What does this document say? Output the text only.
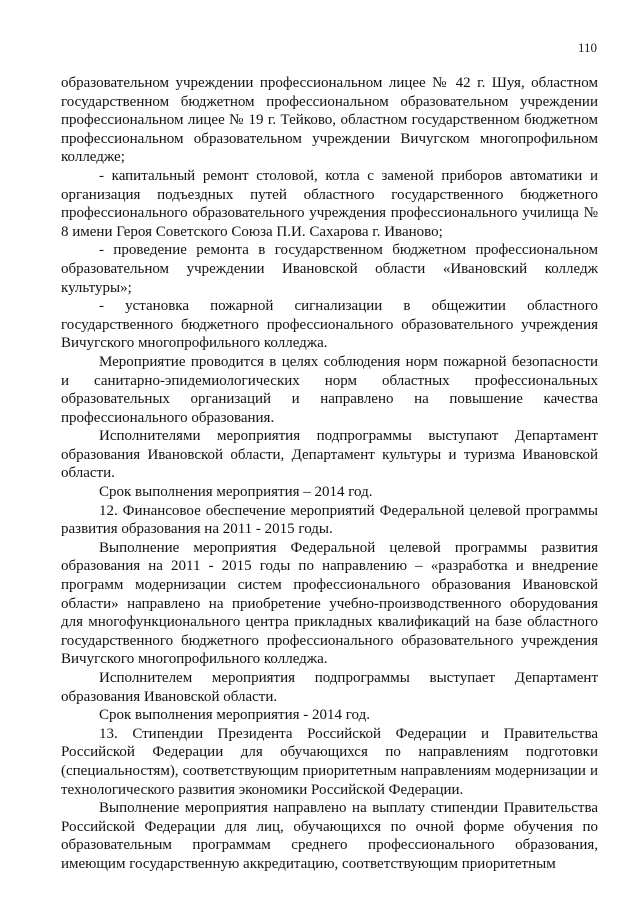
110

образовательном учреждении профессиональном лицее № 42 г. Шуя, областном государственном бюджетном профессиональном образовательном учреждении профессиональном лицее № 19 г. Тейково, областном государственном бюджетном профессиональном образовательном учреждении Вичугском многопрофильном колледже;

- капитальный ремонт столовой, котла с заменой приборов автоматики и организация подъездных путей областного государственного бюджетного профессионального образовательного учреждения профессионального училища № 8 имени Героя Советского Союза П.И. Сахарова г. Иваново;

- проведение ремонта в государственном бюджетном профессиональном образовательном учреждении Ивановской области «Ивановский колледж культуры»;

- установка пожарной сигнализации в общежитии областного государственного бюджетного профессионального образовательного учреждения Вичугского многопрофильного колледжа.

Мероприятие проводится в целях соблюдения норм пожарной безопасности и санитарно-эпидемиологических норм областных профессиональных образовательных организаций и направлено на повышение качества профессионального образования.

Исполнителями мероприятия подпрограммы выступают Департамент образования Ивановской области, Департамент культуры и туризма Ивановской области.

Срок выполнения мероприятия – 2014 год.

12. Финансовое обеспечение мероприятий Федеральной целевой программы развития образования на 2011 - 2015 годы.

Выполнение мероприятия Федеральной целевой программы развития образования на 2011 - 2015 годы по направлению – «разработка и внедрение программ модернизации систем профессионального образования Ивановской области» направлено на приобретение учебно-производственного оборудования для многофункционального центра прикладных квалификаций на базе областного государственного бюджетного профессионального образовательного учреждения Вичугского многопрофильного колледжа.

Исполнителем мероприятия подпрограммы выступает Департамент образования Ивановской области.

Срок выполнения мероприятия - 2014 год.

13. Стипендии Президента Российской Федерации и Правительства Российской Федерации для обучающихся по направлениям подготовки (специальностям), соответствующим приоритетным направлениям модернизации и технологического развития экономики Российской Федерации.

Выполнение мероприятия направлено на выплату стипендии Правительства Российской Федерации для лиц, обучающихся по очной форме обучения по образовательным программам среднего профессионального образования, имеющим государственную аккредитацию, соответствующим приоритетным
